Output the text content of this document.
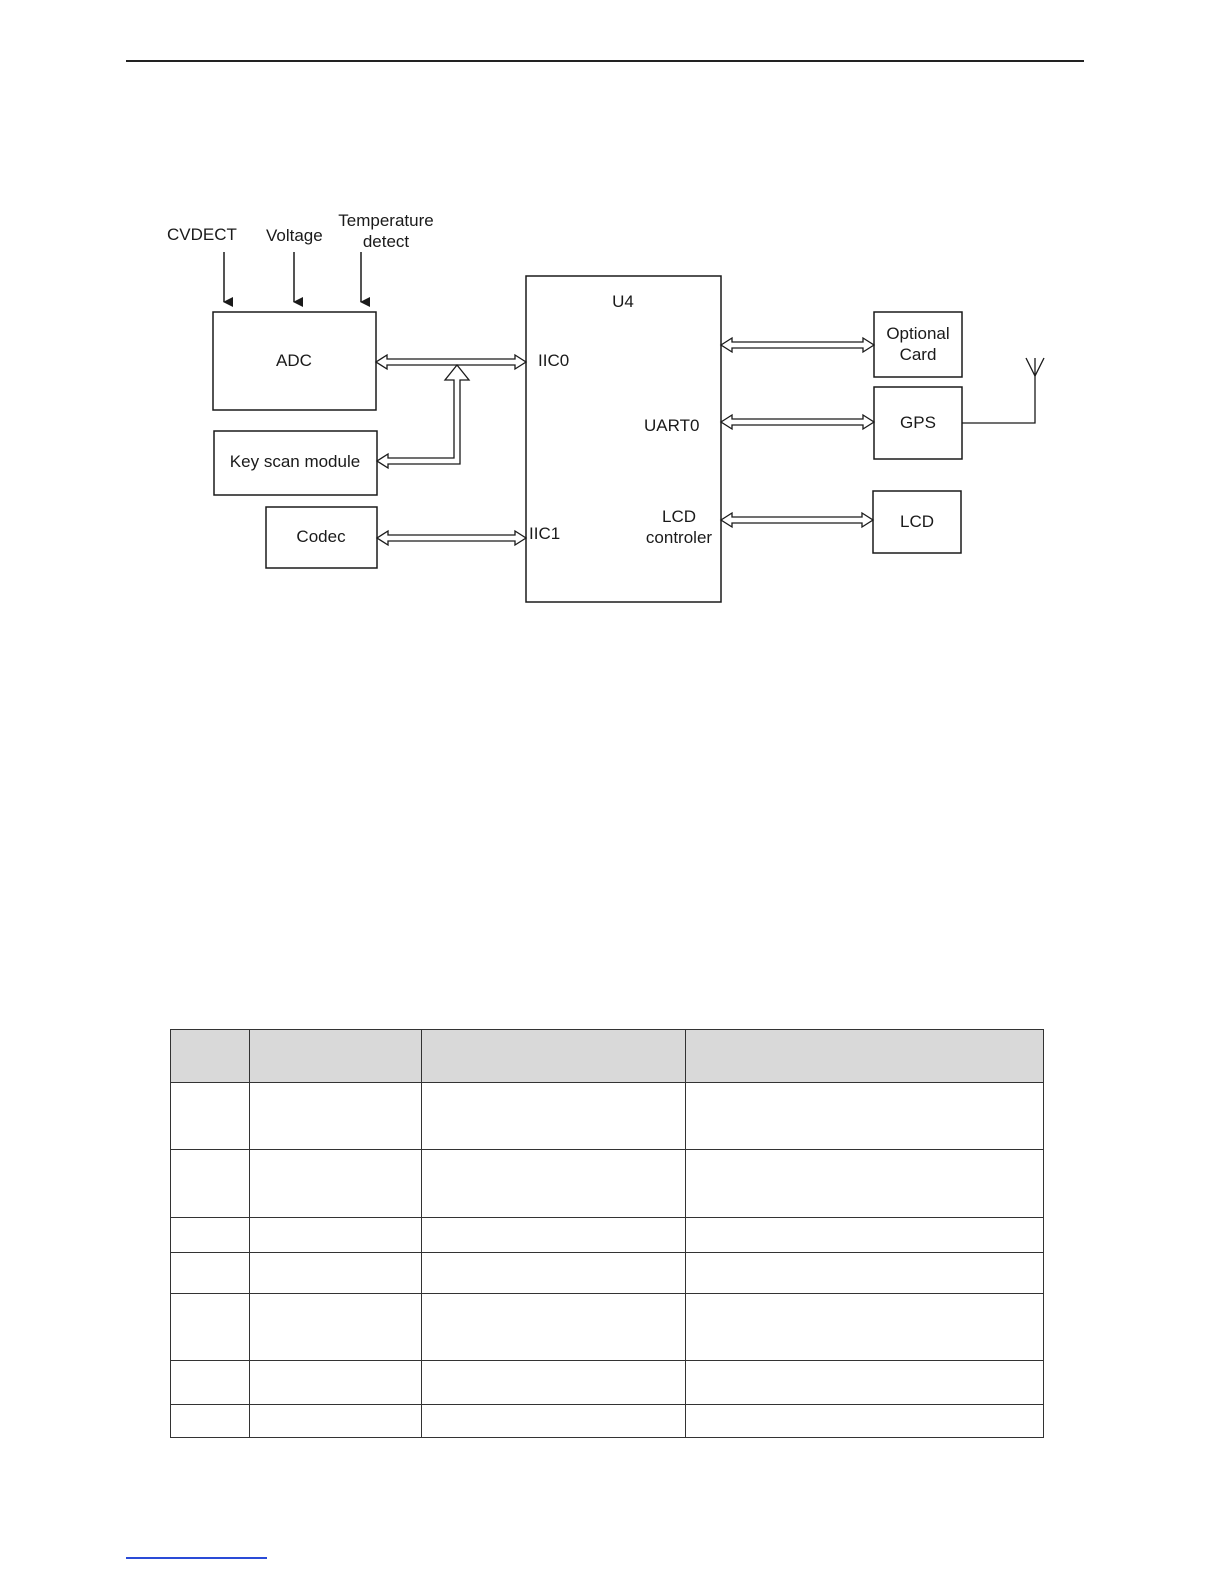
CVDECT Voltage
Temperature
detect
ADC
Key scan module
Codec
U4
Optional
Card
GPS
LCD
IIC0
IIC1
UART0
LCD
controler
